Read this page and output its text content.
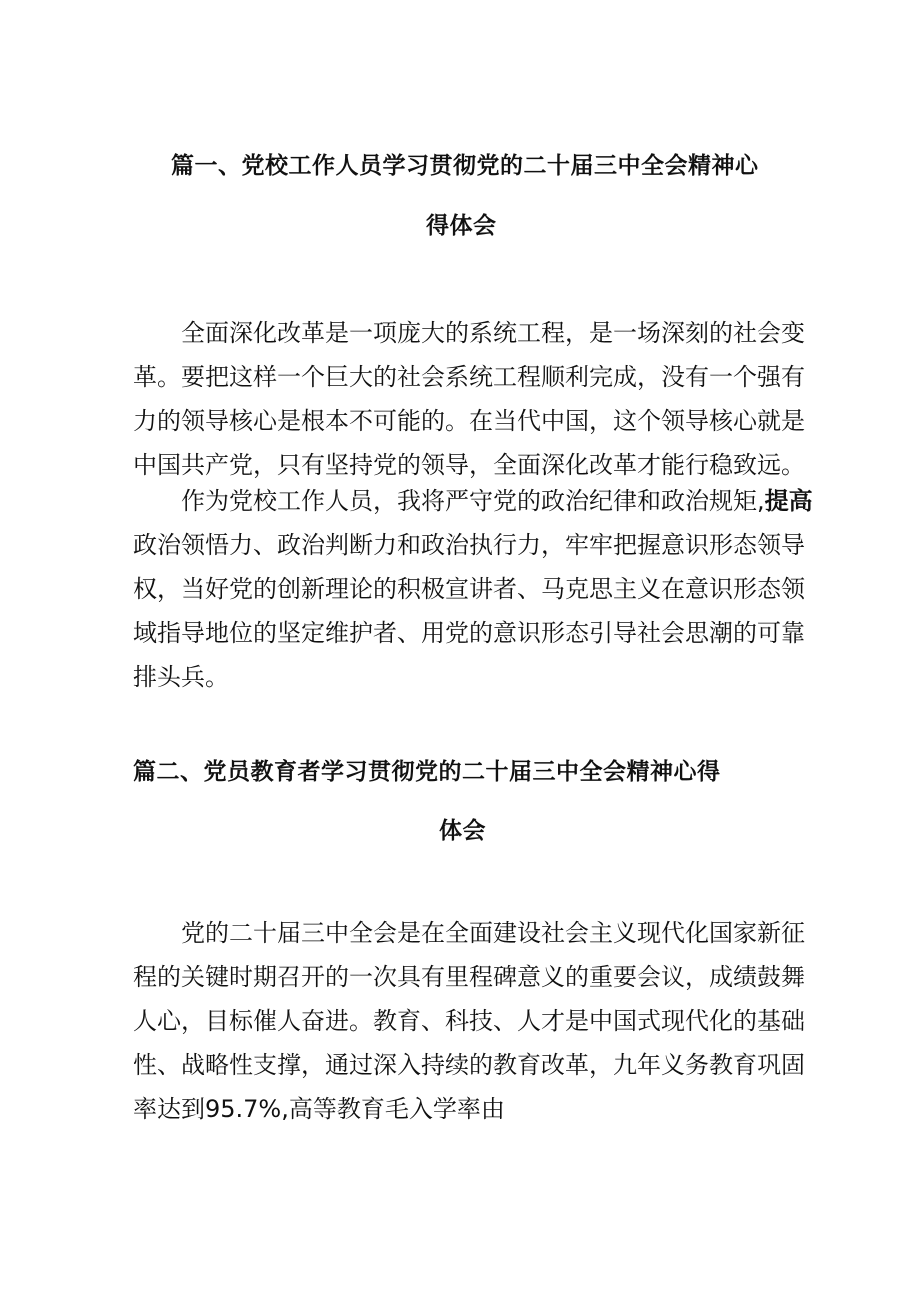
篇一、党校工作人员学习贯彻党的二十届三中全会精神心
得体会
全面深化改革是一项庞大的系统工程，是一场深刻的社会变
革。要把这样一个巨大的社会系统工程顺利完成，没有一个强有
力的领导核心是根本不可能的。在当代中国，这个领导核心就是
中国共产党，只有坚持党的领导，全面深化改革才能行稳致远。
作为党校工作人员，我将严守党的政治纪律和政治规矩,提高
政治领悟力、政治判断力和政治执行力，牢牢把握意识形态领导
权，当好党的创新理论的积极宣讲者、马克思主义在意识形态领
域指导地位的坚定维护者、用党的意识形态引导社会思潮的可靠
排头兵。
篇二、党员教育者学习贯彻党的二十届三中全会精神心得
体会
党的二十届三中全会是在全面建设社会主义现代化国家新征
程的关键时期召开的一次具有里程碑意义的重要会议，成绩鼓舞
人心，目标催人奋进。教育、科技、人才是中国式现代化的基础
性、战略性支撑，通过深入持续的教育改革，九年义务教育巩固
率达到95.7%,高等教育毛入学率由
